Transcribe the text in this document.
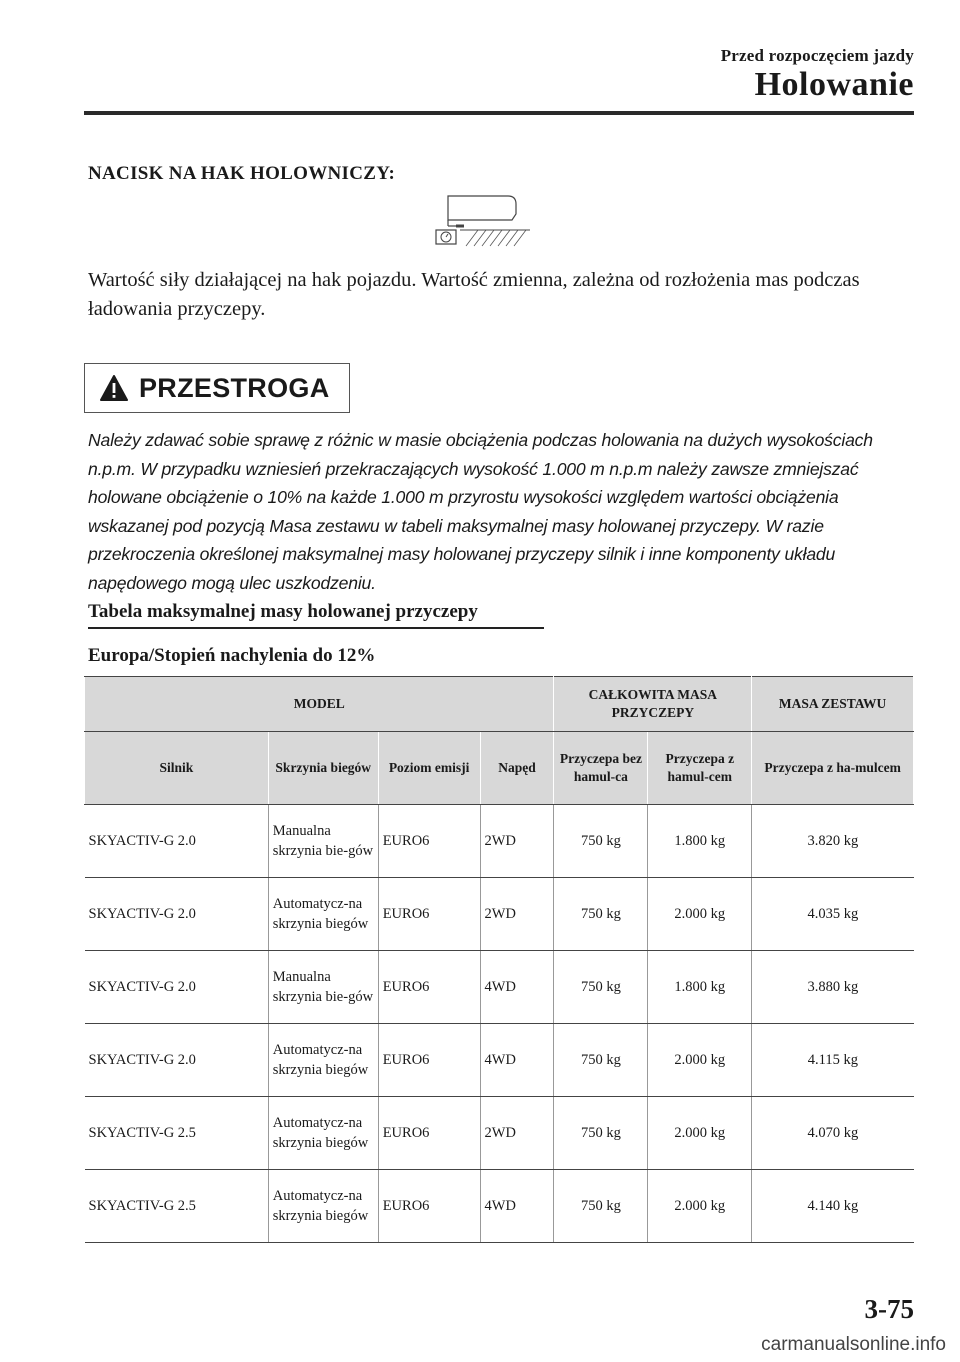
Przed rozpoczęciem jazdy
Holowanie
NACISK NA HAK HOLOWNICZY:
Wartość siły działającej na hak pojazdu. Wartość zmienna, zależna od rozłożenia mas podczas ładowania przyczepy.
PRZESTROGA
Należy zdawać sobie sprawę z różnic w masie obciążenia podczas holowania na dużych wysokościach n.p.m. W przypadku wzniesień przekraczających wysokość 1.000 m n.p.m należy zawsze zmniejszać holowane obciążenie o 10% na każde 1.000 m przyrostu wysokości względem wartości obciążenia wskazanej pod pozycją Masa zestawu w tabeli maksymalnej masy holowanej przyczepy. W razie przekroczenia określonej maksymalnej masy holowanej przyczepy silnik i inne komponenty układu napędowego mogą ulec uszkodzeniu.
Tabela maksymalnej masy holowanej przyczepy
Europa/Stopień nachylenia do 12%
MODEL				CAŁKOWITA MASA PRZYCZEPY		MASA ZESTAWU
Silnik	Skrzynia biegów	Poziom emisji	Napęd	Przyczepa bez hamul-ca	Przyczepa z hamul-cem	Przyczepa z ha-mulcem
SKYACTIV-G 2.0	Manualna skrzynia bie-gów	EURO6	2WD	750 kg	1.800 kg	3.820 kg
SKYACTIV-G 2.0	Automatycz-na skrzynia biegów	EURO6	2WD	750 kg	2.000 kg	4.035 kg
SKYACTIV-G 2.0	Manualna skrzynia bie-gów	EURO6	4WD	750 kg	1.800 kg	3.880 kg
SKYACTIV-G 2.0	Automatycz-na skrzynia biegów	EURO6	4WD	750 kg	2.000 kg	4.115 kg
SKYACTIV-G 2.5	Automatycz-na skrzynia biegów	EURO6	2WD	750 kg	2.000 kg	4.070 kg
SKYACTIV-G 2.5	Automatycz-na skrzynia biegów	EURO6	4WD	750 kg	2.000 kg	4.140 kg
3-75
carmanualsonline.info
